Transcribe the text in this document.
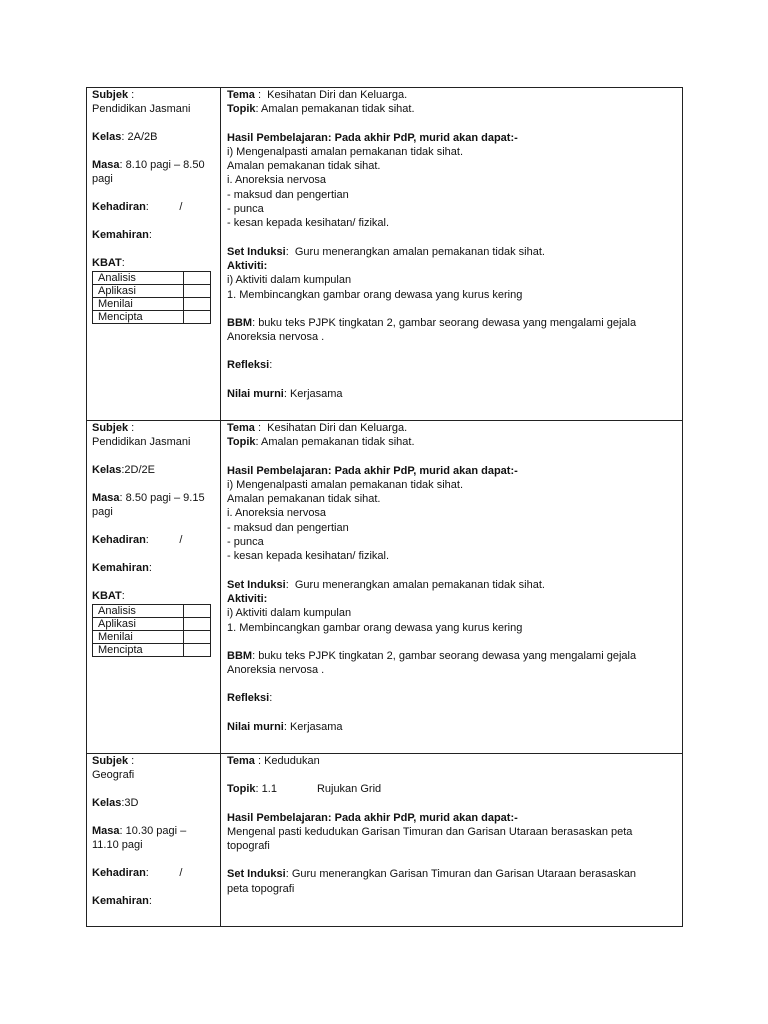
Subjek :
Pendidikan Jasmani
Kelas: 2A/2B
Masa: 8.10 pagi – 8.50
pagi
Kehadiran:          /
Kemahiran:
KBAT:
Analisis	
Aplikasi	
Menilai	
Mencipta	
Tema :  Kesihatan Diri dan Keluarga.
Topik: Amalan pemakanan tidak sihat.
Hasil Pembelajaran: Pada akhir PdP, murid akan dapat:-
i) Mengenalpasti amalan pemakanan tidak sihat.
Amalan pemakanan tidak sihat.
i. Anoreksia nervosa
- maksud dan pengertian
- punca
- kesan kepada kesihatan/ fizikal.
Set Induksi:  Guru menerangkan amalan pemakanan tidak sihat.
Aktiviti:
i) Aktiviti dalam kumpulan
1. Membincangkan gambar orang dewasa yang kurus kering
BBM: buku teks PJPK tingkatan 2, gambar seorang dewasa yang mengalami gejala
Anoreksia nervosa .
Refleksi:
Nilai murni: Kerjasama
Subjek :
Pendidikan Jasmani
Kelas:2D/2E
Masa: 8.50 pagi – 9.15
pagi
Kehadiran:          /
Kemahiran:
KBAT:
Analisis	
Aplikasi	
Menilai	
Mencipta	
Tema :  Kesihatan Diri dan Keluarga.
Topik: Amalan pemakanan tidak sihat.
Hasil Pembelajaran: Pada akhir PdP, murid akan dapat:-
i) Mengenalpasti amalan pemakanan tidak sihat.
Amalan pemakanan tidak sihat.
i. Anoreksia nervosa
- maksud dan pengertian
- punca
- kesan kepada kesihatan/ fizikal.
Set Induksi:  Guru menerangkan amalan pemakanan tidak sihat.
Aktiviti:
i) Aktiviti dalam kumpulan
1. Membincangkan gambar orang dewasa yang kurus kering
BBM: buku teks PJPK tingkatan 2, gambar seorang dewasa yang mengalami gejala
Anoreksia nervosa .
Refleksi:
Nilai murni: Kerjasama
Subjek :
Geografi
Kelas:3D
Masa: 10.30 pagi –
11.10 pagi
Kehadiran:          /
Kemahiran:
Tema : Kedudukan
Topik: 1.1	Rujukan Grid
Hasil Pembelajaran: Pada akhir PdP, murid akan dapat:-
Mengenal pasti kedudukan Garisan Timuran dan Garisan Utaraan berasaskan peta
topografi
Set Induksi: Guru menerangkan Garisan Timuran dan Garisan Utaraan berasaskan
peta topografi
